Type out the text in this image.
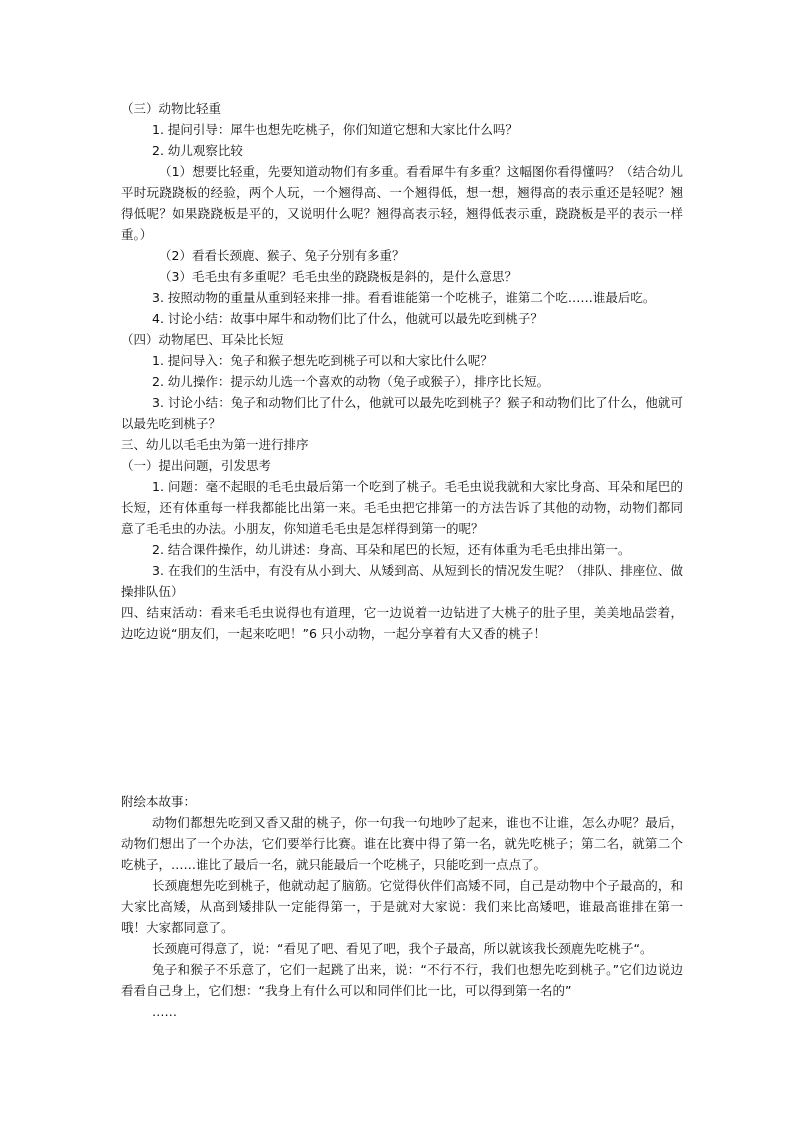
（三）动物比轻重

1. 提问引导：犀牛也想先吃桃子，你们知道它想和大家比什么吗？

2. 幼儿观察比较

（1）想要比轻重，先要知道动物们有多重。看看犀牛有多重？这幅图你看得懂吗？（结合幼儿平时玩跷跷板的经验，两个人玩，一个翘得高、一个翘得低，想一想，翘得高的表示重还是轻呢？翘得低呢？如果跷跷板是平的，又说明什么呢？翘得高表示轻，翘得低表示重，跷跷板是平的表示一样重。）

（2）看看长颈鹿、猴子、兔子分别有多重？

（3）毛毛虫有多重呢？毛毛虫坐的跷跷板是斜的，是什么意思？

3. 按照动物的重量从重到轻来排一排。看看谁能第一个吃桃子，谁第二个吃……谁最后吃。

4. 讨论小结：故事中犀牛和动物们比了什么，他就可以最先吃到桃子？

（四）动物尾巴、耳朵比长短

1. 提问导入：兔子和猴子想先吃到桃子可以和大家比什么呢？

2. 幼儿操作：提示幼儿选一个喜欢的动物（兔子或猴子），排序比长短。

3. 讨论小结：兔子和动物们比了什么，他就可以最先吃到桃子？猴子和动物们比了什么，他就可以最先吃到桃子？

三、幼儿以毛毛虫为第一进行排序

（一）提出问题，引发思考

1. 问题：毫不起眼的毛毛虫最后第一个吃到了桃子。毛毛虫说我就和大家比身高、耳朵和尾巴的长短，还有体重每一样我都能比出第一来。毛毛虫把它排第一的方法告诉了其他的动物，动物们都同意了毛毛虫的办法。小朋友，你知道毛毛虫是怎样得到第一的呢？

2. 结合课件操作，幼儿讲述：身高、耳朵和尾巴的长短，还有体重为毛毛虫排出第一。

3. 在我们的生活中，有没有从小到大、从矮到高、从短到长的情况发生呢？（排队、排座位、做操排队伍）

四、结束活动：看来毛毛虫说得也有道理，它一边说着一边钻进了大桃子的肚子里，美美地品尝着，边吃边说“朋友们，一起来吃吧！”6 只小动物，一起分享着有大又香的桃子！

附绘本故事：

动物们都想先吃到又香又甜的桃子，你一句我一句地吵了起来，谁也不让谁，怎么办呢？最后，动物们想出了一个办法，它们要举行比赛。谁在比赛中得了第一名，就先吃桃子；第二名，就第二个吃桃子，……谁比了最后一名，就只能最后一个吃桃子，只能吃到一点点了。

长颈鹿想先吃到桃子，他就动起了脑筋。它觉得伙伴们高矮不同，自己是动物中个子最高的，和大家比高矮，从高到矮排队一定能得第一，于是就对大家说：我们来比高矮吧，谁最高谁排在第一哦！大家都同意了。

长颈鹿可得意了，说：“看见了吧、看见了吧，我个子最高，所以就该我长颈鹿先吃桃子“。

兔子和猴子不乐意了，它们一起跳了出来，说：“不行不行，我们也想先吃到桃子。”它们边说边看看自己身上，它们想：“我身上有什么可以和同伴们比一比，可以得到第一名的”

……
